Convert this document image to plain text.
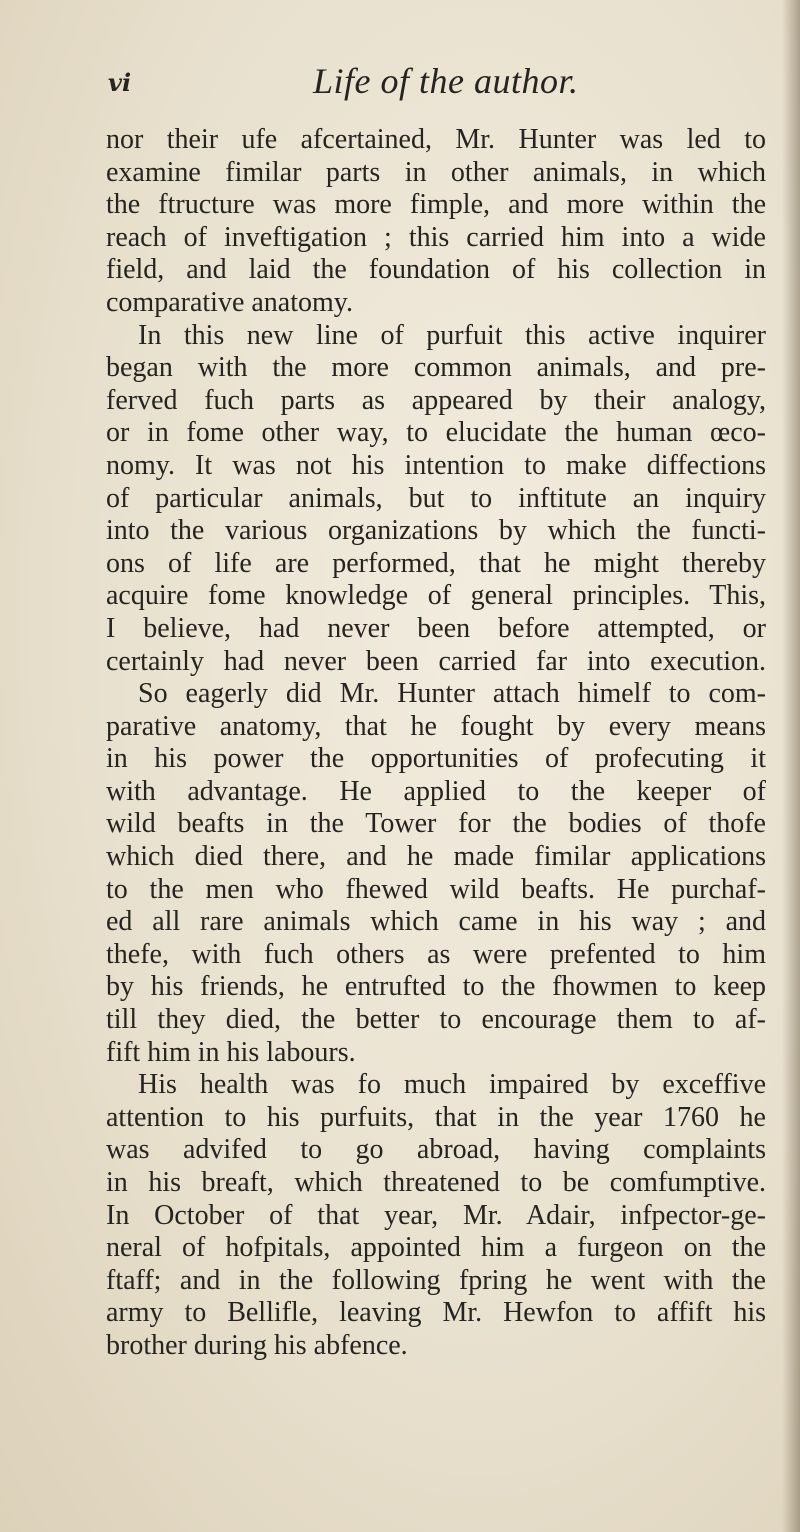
vi	Life of the author.
nor their ufe afcertained, Mr. Hunter was led to
examine fimilar parts in other animals, in which
the ftructure was more fimple, and more within the
reach of inveftigation ; this carried him into a wide
field, and laid the foundation of his collection in
comparative anatomy.
In this new line of purfuit this active inquirer
began with the more common animals, and pre-
ferved fuch parts as appeared by their analogy,
or in fome other way, to elucidate the human œco-
nomy. It was not his intention to make diffections
of particular animals, but to inftitute an inquiry
into the various organizations by which the functi-
ons of life are performed, that he might thereby
acquire fome knowledge of general principles. This,
I believe, had never been before attempted, or
certainly had never been carried far into execution.
So eagerly did Mr. Hunter attach himelf to com-
parative anatomy, that he fought by every means
in his power the opportunities of profecuting it
with advantage. He applied to the keeper of
wild beafts in the Tower for the bodies of thofe
which died there, and he made fimilar applications
to the men who fhewed wild beafts. He purchaf-
ed all rare animals which came in his way ; and
thefe, with fuch others as were prefented to him
by his friends, he entrufted to the fhowmen to keep
till they died, the better to encourage them to af-
fift him in his labours.
His health was fo much impaired by exceffive
attention to his purfuits, that in the year 1760 he
was advifed to go abroad, having complaints
in his breaft, which threatened to be comfumptive.
In October of that year, Mr. Adair, infpector-ge-
neral of hofpitals, appointed him a furgeon on the
ftaff; and in the following fpring he went with the
army to Bellifle, leaving Mr. Hewfon to affift his
brother during his abfence.
